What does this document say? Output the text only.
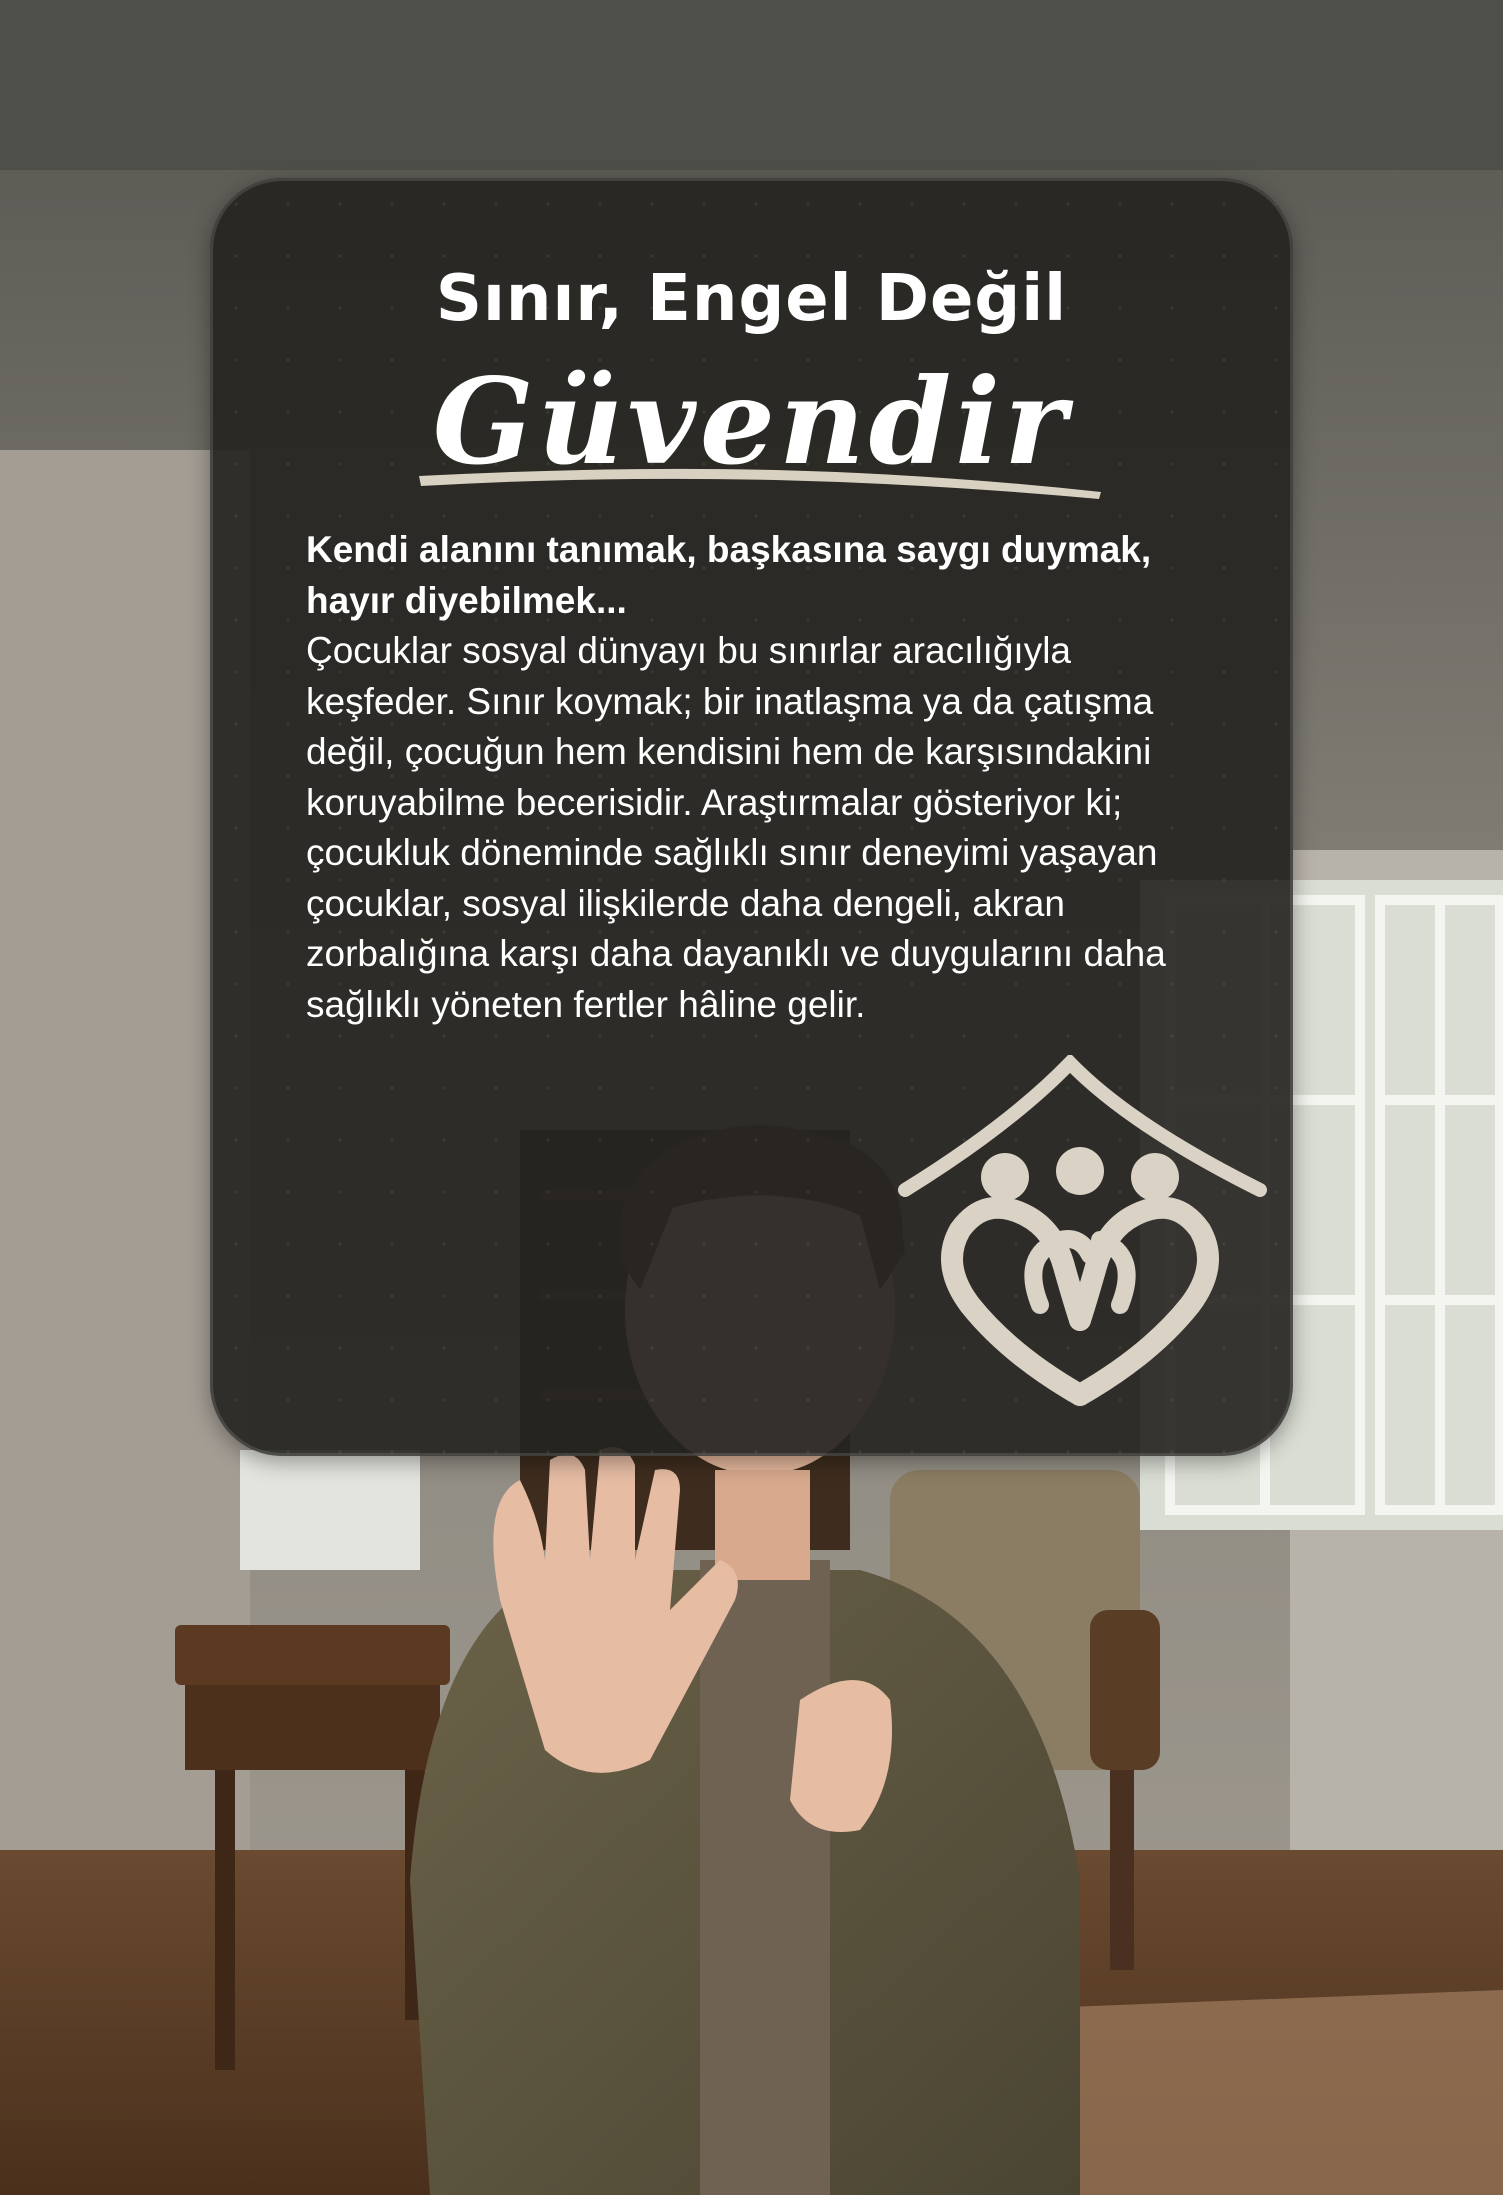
Sınır, Engel Değil
Güvendir
Kendi alanını tanımak, başkasına saygı duymak, hayır diyebilmek...
Çocuklar sosyal dünyayı bu sınırlar aracılığıyla keşfeder. Sınır koymak; bir inatlaşma ya da çatışma değil, çocuğun hem kendisini hem de karşısındakini koruyabilme becerisidir. Araştırmalar gösteriyor ki; çocukluk döneminde sağlıklı sınır deneyimi yaşayan çocuklar, sosyal ilişkilerde daha dengeli, akran zorbalığına karşı daha dayanıklı ve duygularını daha sağlıklı yöneten fertler hâline gelir.
